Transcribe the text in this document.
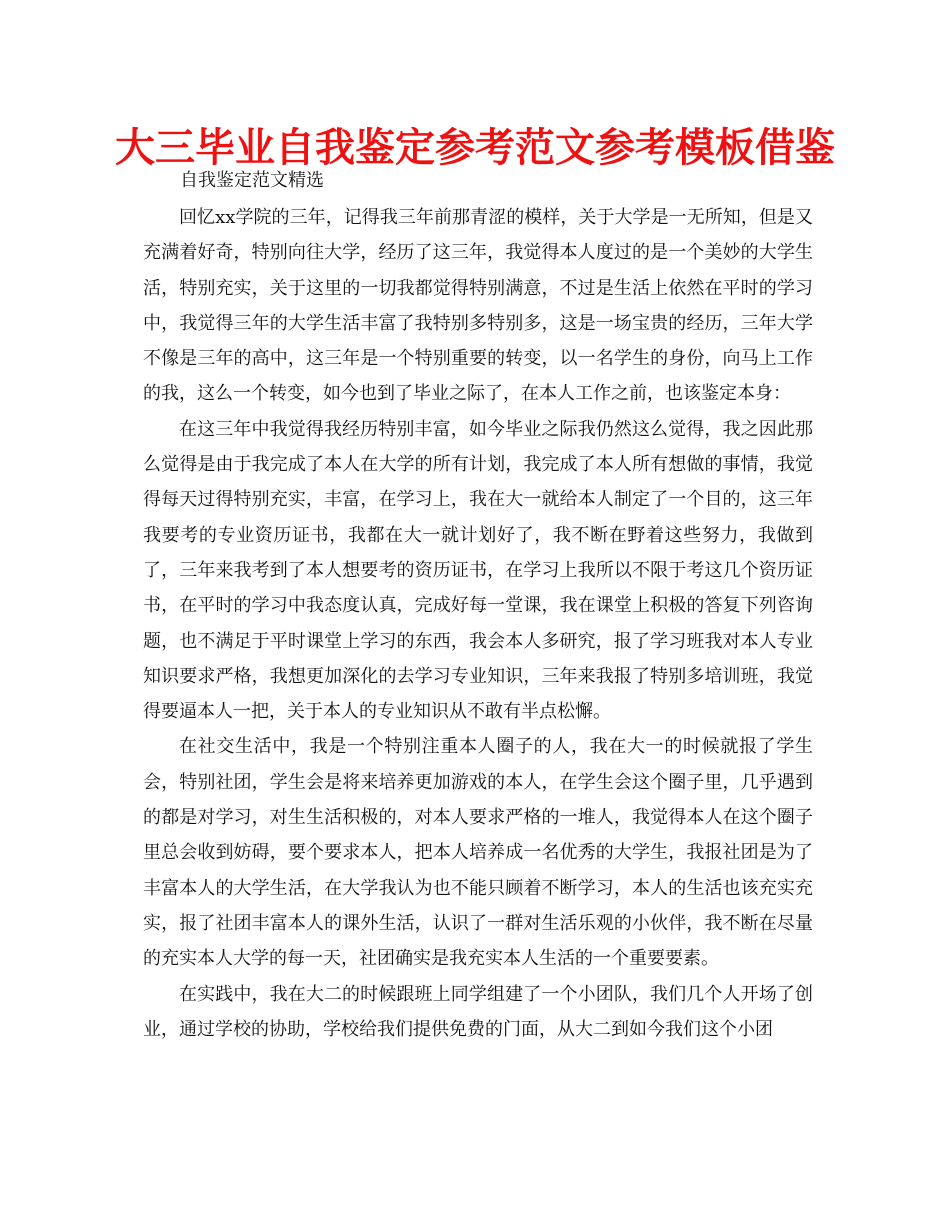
大三毕业自我鉴定参考范文参考模板借鉴

自我鉴定范文精选

回忆xx学院的三年，记得我三年前那青涩的模样，关于大学是一无所知，但是又充满着好奇，特别向往大学，经历了这三年，我觉得本人度过的是一个美妙的大学生活，特别充实，关于这里的一切我都觉得特别满意，不过是生活上依然在平时的学习中，我觉得三年的大学生活丰富了我特别多特别多，这是一场宝贵的经历，三年大学不像是三年的高中，这三年是一个特别重要的转变，以一名学生的身份，向马上工作的我，这么一个转变，如今也到了毕业之际了，在本人工作之前，也该鉴定本身：

在这三年中我觉得我经历特别丰富，如今毕业之际我仍然这么觉得，我之因此那么觉得是由于我完成了本人在大学的所有计划，我完成了本人所有想做的事情，我觉得每天过得特别充实，丰富，在学习上，我在大一就给本人制定了一个目的，这三年我要考的专业资历证书，我都在大一就计划好了，我不断在野着这些努力，我做到了，三年来我考到了本人想要考的资历证书，在学习上我所以不限于考这几个资历证书，在平时的学习中我态度认真，完成好每一堂课，我在课堂上积极的答复下列咨询题，也不满足于平时课堂上学习的东西，我会本人多研究，报了学习班我对本人专业知识要求严格，我想更加深化的去学习专业知识，三年来我报了特别多培训班，我觉得要逼本人一把，关于本人的专业知识从不敢有半点松懈。

在社交生活中，我是一个特别注重本人圈子的人，我在大一的时候就报了学生会，特别社团，学生会是将来培养更加游戏的本人，在学生会这个圈子里，几乎遇到的都是对学习，对生生活积极的，对本人要求严格的一堆人，我觉得本人在这个圈子里总会收到妨碍，要个要求本人，把本人培养成一名优秀的大学生，我报社团是为了丰富本人的大学生活，在大学我认为也不能只顾着不断学习，本人的生活也该充实充实，报了社团丰富本人的课外生活，认识了一群对生活乐观的小伙伴，我不断在尽量的充实本人大学的每一天，社团确实是我充实本人生活的一个重要要素。

在实践中，我在大二的时候跟班上同学组建了一个小团队，我们几个人开场了创业，通过学校的协助，学校给我们提供免费的门面，从大二到如今我们这个小团
